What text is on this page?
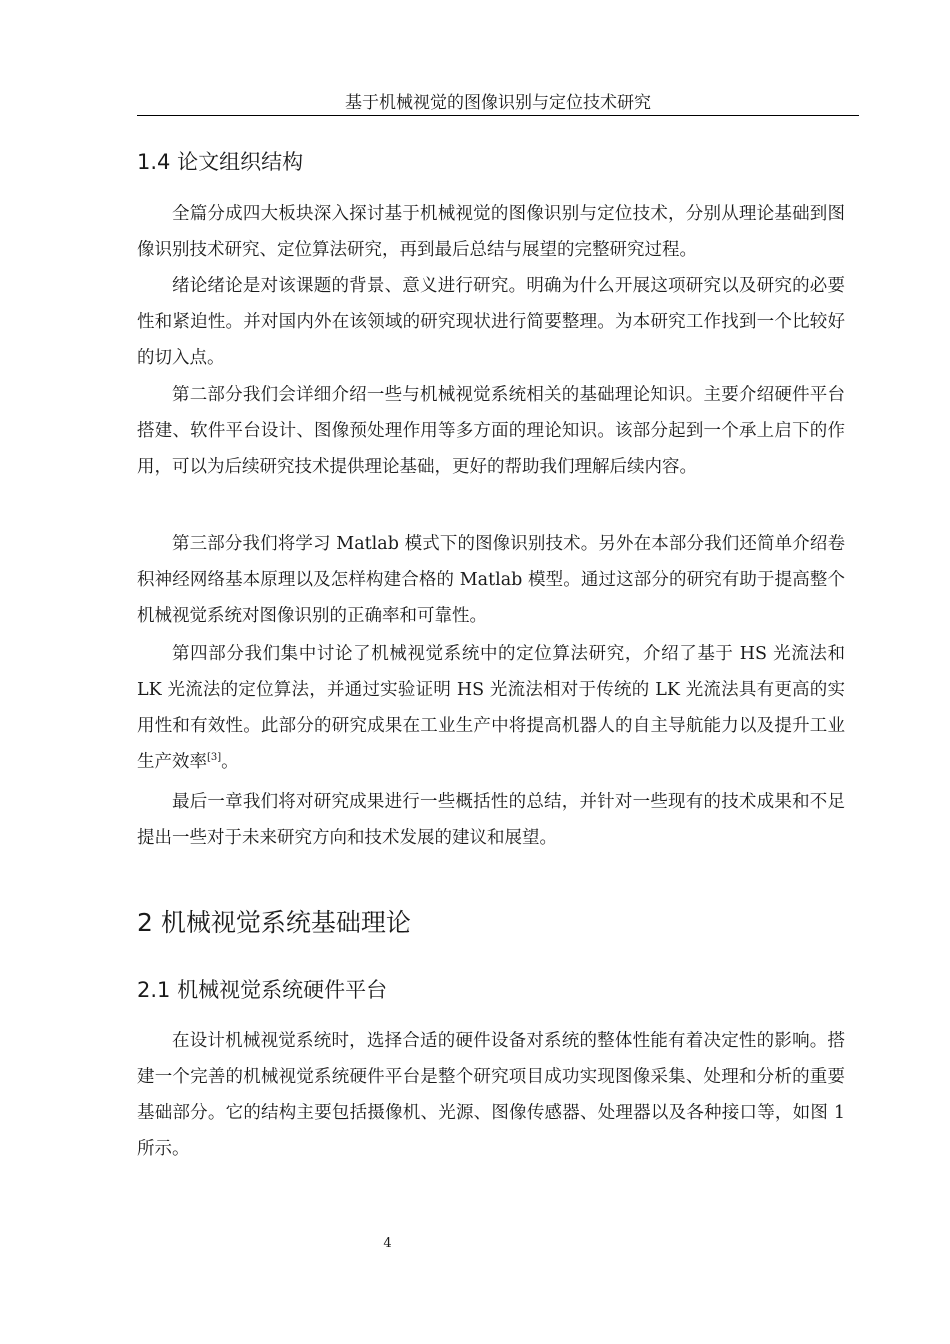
基于机械视觉的图像识别与定位技术研究
1.4 论文组织结构

全篇分成四大板块深入探讨基于机械视觉的图像识别与定位技术，分别从理论基础到图像识别技术研究、定位算法研究，再到最后总结与展望的完整研究过程。

绪论绪论是对该课题的背景、意义进行研究。明确为什么开展这项研究以及研究的必要性和紧迫性。并对国内外在该领域的研究现状进行简要整理。为本研究工作找到一个比较好的切入点。

第二部分我们会详细介绍一些与机械视觉系统相关的基础理论知识。主要介绍硬件平台搭建、软件平台设计、图像预处理作用等多方面的理论知识。该部分起到一个承上启下的作用，可以为后续研究技术提供理论基础，更好的帮助我们理解后续内容。

第三部分我们将学习 Matlab 模式下的图像识别技术。另外在本部分我们还简单介绍卷积神经网络基本原理以及怎样构建合格的 Matlab 模型。通过这部分的研究有助于提高整个机械视觉系统对图像识别的正确率和可靠性。

第四部分我们集中讨论了机械视觉系统中的定位算法研究，介绍了基于 HS 光流法和 LK 光流法的定位算法，并通过实验证明 HS 光流法相对于传统的 LK 光流法具有更高的实用性和有效性。此部分的研究成果在工业生产中将提高机器人的自主导航能力以及提升工业生产效率[3]。

最后一章我们将对研究成果进行一些概括性的总结，并针对一些现有的技术成果和不足提出一些对于未来研究方向和技术发展的建议和展望。

2 机械视觉系统基础理论
2.1 机械视觉系统硬件平台

在设计机械视觉系统时，选择合适的硬件设备对系统的整体性能有着决定性的影响。搭建一个完善的机械视觉系统硬件平台是整个研究项目成功实现图像采集、处理和分析的重要基础部分。它的结构主要包括摄像机、光源、图像传感器、处理器以及各种接口等，如图 1 所示。

4
